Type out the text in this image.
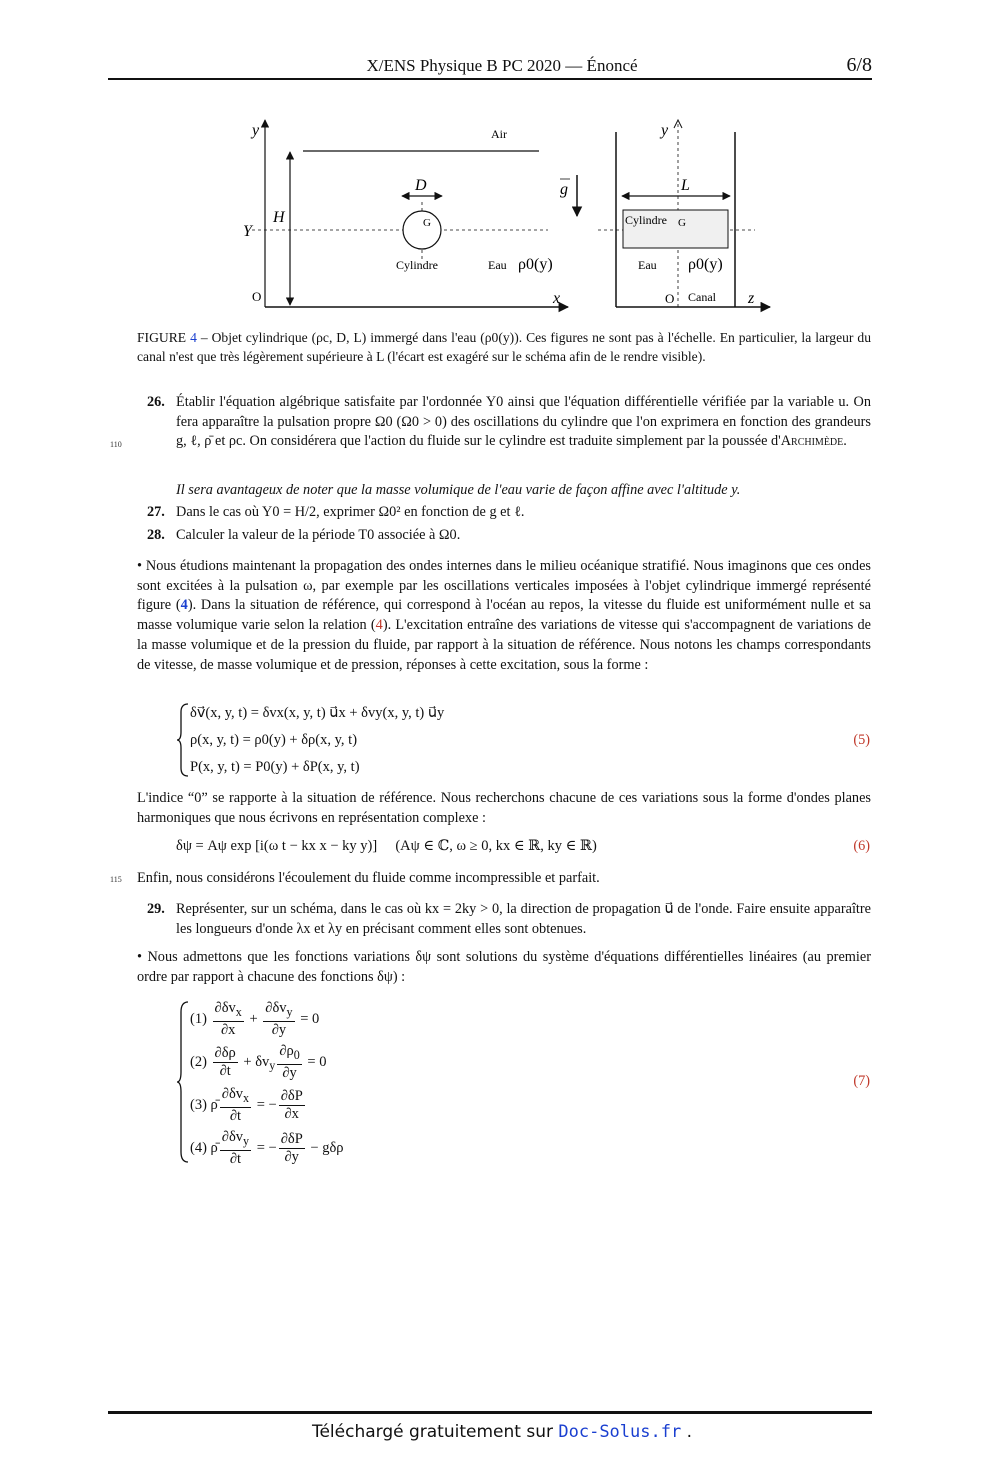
X/ENS Physique B PC 2020 — Énoncé	6/8
y
O
Y
H
D
G
Air
Cylindre	Eau ρ0(y)
x
g
y
L
Cylindre G
Eau ρ0(y)
O Canal z
FIGURE 4 – Objet cylindrique (ρc, D, L) immergé dans l'eau (ρ0(y)). Ces figures ne sont pas à l'échelle. En particulier, la largeur du canal n'est que très légèrement supérieure à L (l'écart est exagéré sur le schéma afin de le rendre visible).
26. Établir l'équation algébrique satisfaite par l'ordonnée Y0 ainsi que l'équation différentielle vérifiée par la variable u. On fera apparaître la pulsation propre Ω0 (Ω0 > 0) des oscillations du cylindre que l'on exprimera en fonction des grandeurs g, ℓ, ρ̄ et ρc. On considérera que l'action du fluide sur le cylindre est traduite simplement par la poussée d'Archimède.
110
Il sera avantageux de noter que la masse volumique de l'eau varie de façon affine avec l'altitude y.
27. Dans le cas où Y0 = H/2, exprimer Ω0² en fonction de g et ℓ.
28. Calculer la valeur de la période T0 associée à Ω0.
• Nous étudions maintenant la propagation des ondes internes dans le milieu océanique stratifié. Nous imaginons que ces ondes sont excitées à la pulsation ω, par exemple par les oscillations verticales imposées à l'objet cylindrique immergé représenté figure (4). Dans la situation de référence, qui correspond à l'océan au repos, la vitesse du fluide est uniformément nulle et sa masse volumique varie selon la relation (4). L'excitation entraîne des variations de vitesse qui s'accompagnent de variations de la masse volumique et de la pression du fluide, par rapport à la situation de référence. Nous notons les champs correspondants de vitesse, de masse volumique et de pression, réponses à cette excitation, sous la forme :
δv⃗(x, y, t) = δvx(x, y, t) u⃗x + δvy(x, y, t) u⃗y
ρ(x, y, t) = ρ0(y) + δρ(x, y, t)
P(x, y, t) = P0(y) + δP(x, y, t)
(5)
L'indice “0” se rapporte à la situation de référence. Nous recherchons chacune de ces variations sous la forme d'ondes planes harmoniques que nous écrivons en représentation complexe :
δψ = Aψ exp [i(ω t − kx x − ky y)]     (Aψ ∈ ℂ, ω ≥ 0, kx ∈ ℝ, ky ∈ ℝ)	(6)
115 Enfin, nous considérons l'écoulement du fluide comme incompressible et parfait.
29. Représenter, sur un schéma, dans le cas où kx = 2ky > 0, la direction de propagation u⃗ de l'onde. Faire ensuite apparaître les longueurs d'onde λx et λy en précisant comment elles sont obtenues.
• Nous admettons que les fonctions variations δψ sont solutions du système d'équations différentielles linéaires (au premier ordre par rapport à chacune des fonctions δψ) :
$(1) \frac{\partial\delta v_x}{\partial x} + \frac{\partial\delta v_y}{\partial y} = 0$
$(2) \frac{\partial\delta\rho}{\partial t} + \delta v_y \frac{\partial\rho_0}{\partial y} = 0$
(3) ρ̄ $\frac{\partial\delta v_x}{\partial t}$ = − $\frac{\partial\delta P}{\partial x}$
(4) ρ̄ $\frac{\partial\delta v_y}{\partial t}$ = − $\frac{\partial\delta P}{\partial y} - g\delta\rho$
(7)
Téléchargé gratuitement sur Doc-Solus.fr .
